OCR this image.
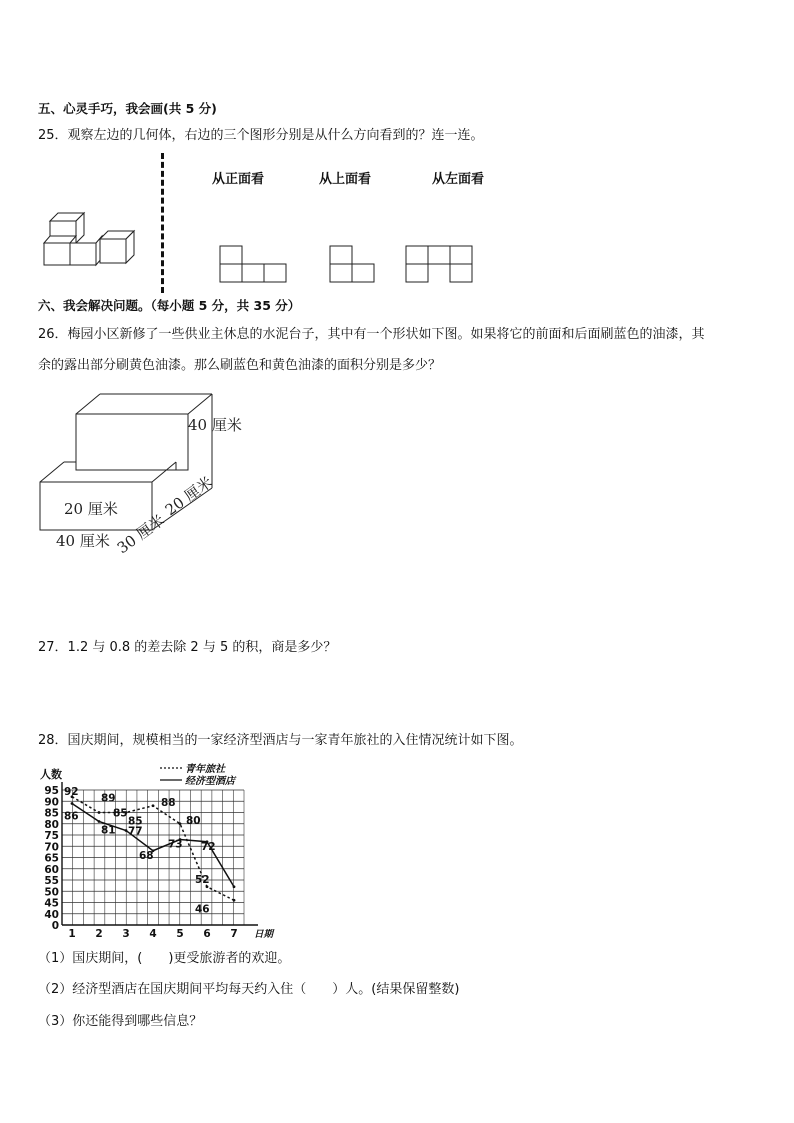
五、心灵手巧，我会画(共 5 分)
25．观察左边的几何体，右边的三个图形分别是从什么方向看到的？连一连。
从正面看	从上面看	从左面看
六、我会解决问题。（每小题 5 分，共 35 分）
26．梅园小区新修了一些供业主休息的水泥台子，其中有一个形状如下图。如果将它的前面和后面刷蓝色的油漆，其
余的露出部分刷黄色油漆。那么刷蓝色和黄色油漆的面积分别是多少？
40 厘米
20 厘米
40 厘米 30 厘米
20 厘米
27．1.2 与 0.8 的差去除 2 与 5 的积，商是多少？
28．国庆期间，规模相当的一家经济型酒店与一家青年旅社的入住情况统计如下图。
0
40
45
50
55
60
65
70
75
80
85
90
95
1 2 3 4 5 6 7
人数
日期
青年旅社
经济型酒店
92
86
89
85
81 77
85
88
68
73
80
72
52
46
（1）国庆期间，(　　)更受旅游者的欢迎。
（2）经济型酒店在国庆期间平均每天约入住（　　）人。(结果保留整数)
（3）你还能得到哪些信息？
